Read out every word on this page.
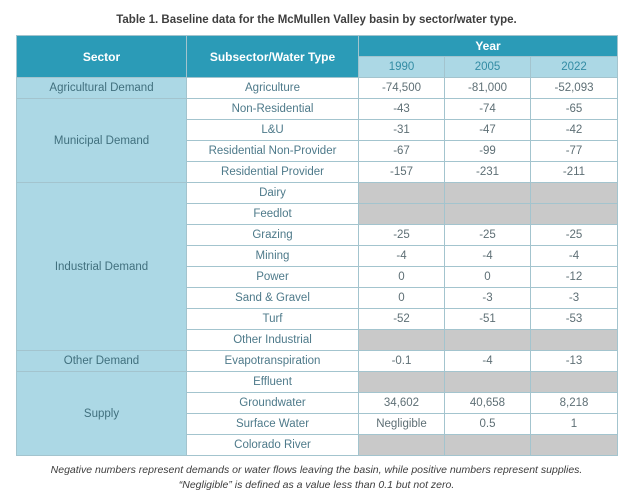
Table 1. Baseline data for the McMullen Valley basin by sector/water type.
Sector	Subsector/Water Type	Year		
		1990	2005	2022
Agricultural Demand	Agriculture	-74,500	-81,000	-52,093
Municipal Demand	Non-Residential	-43	-74	-65
	L&U	-31	-47	-42
	Residential Non-Provider	-67	-99	-77
	Residential Provider	-157	-231	-211
Industrial Demand	Dairy			
	Feedlot			
	Grazing	-25	-25	-25
	Mining	-4	-4	-4
	Power	0	0	-12
	Sand & Gravel	0	-3	-3
	Turf	-52	-51	-53
	Other Industrial			
Other Demand	Evapotranspiration	-0.1	-4	-13
Supply	Effluent			
	Groundwater	34,602	40,658	8,218
	Surface Water	Negligible	0.5	1
	Colorado River			
Negative numbers represent demands or water flows leaving the basin, while positive numbers represent supplies.
“Negligible” is defined as a value less than 0.1 but not zero.
